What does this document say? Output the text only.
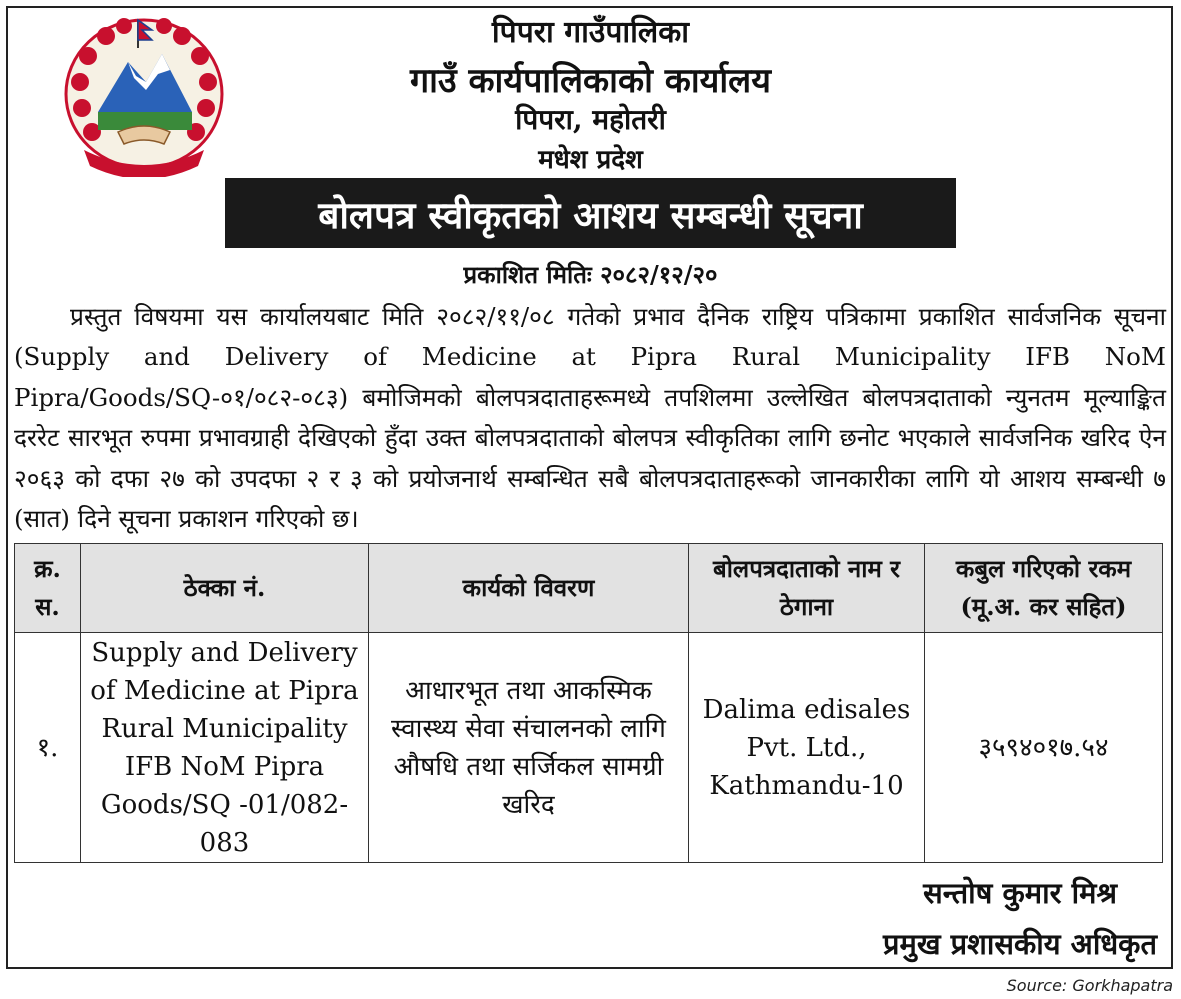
पिपरा गाउँपालिका
गाउँ कार्यपालिकाको कार्यालय
पिपरा, महोतरी
मधेश प्रदेश
बोलपत्र स्वीकृतको आशय सम्बन्धी सूचना
प्रकाशित मितिः २०८२/१२/२०
प्रस्तुत विषयमा यस कार्यालयबाट मिति २०८२/११/०८ गतेको प्रभाव दैनिक राष्ट्रिय पत्रिकामा प्रकाशित सार्वजनिक सूचना (Supply and Delivery of Medicine at Pipra Rural Municipality IFB NoM Pipra/Goods/SQ-०१/०८२-०८३) बमोजिमको बोलपत्रदाताहरूमध्ये तपशिलमा उल्लेखित बोलपत्रदाताको न्युनतम मूल्याङ्कित दररेट सारभूत रुपमा प्रभावग्राही देखिएको हुँदा उक्त बोलपत्रदाताको बोलपत्र स्वीकृतिका लागि छनोट भएकाले सार्वजनिक खरिद ऐन २०६३ को दफा २७ को उपदफा २ र ३ को प्रयोजनार्थ सम्बन्धित सबै बोलपत्रदाताहरूको जानकारीका लागि यो आशय सम्बन्धी ७ (सात) दिने सूचना प्रकाशन गरिएको छ।
क्र. स.	ठेक्का नं.	कार्यको विवरण	बोलपत्रदाताको नाम र ठेगाना	कबुल गरिएको रकम (मू.अ. कर सहित)
१.	Supply and Delivery of Medicine at Pipra Rural Municipality IFB NoM Pipra Goods/SQ -01/082-083	आधारभूत तथा आकस्मिक स्वास्थ्य सेवा संचालनको लागि औषधि तथा सर्जिकल सामग्री खरिद	Dalima edisales Pvt. Ltd., Kathmandu-10	३५९४०१७.५४
सन्तोष कुमार मिश्र
प्रमुख प्रशासकीय अधिकृत
Source: Gorkhapatra
